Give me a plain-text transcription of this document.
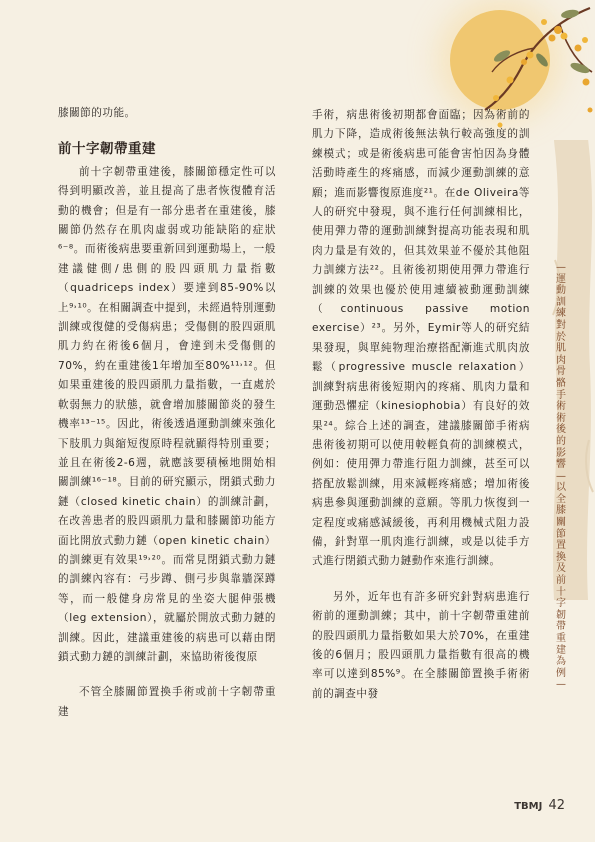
—運動訓練對於肌肉骨骼手術術後的影響 —以全膝關節置換及前十字韌帶重建為例—

膝關節的功能。

前十字韌帶重建

前十字韌帶重建後，膝關節穩定性可以得到明顯改善，並且提高了患者恢復體育活動的機會；但是有一部分患者在重建後，膝關節仍然存在肌肉虛弱或功能缺陷的症狀⁶⁻⁸。而術後病患要重新回到運動場上，一般建議健側/患側的股四頭肌力量指數（quadriceps index）要達到85-90%以上⁹˒¹⁰。在相關調查中提到，未經過特別運動訓練或復健的受傷病患；受傷側的股四頭肌肌力約在術後6個月，會達到未受傷側的70%，約在重建後1年增加至80%¹¹˒¹²。但如果重建後的股四頭肌力量指數，一直處於軟弱無力的狀態，就會增加膝關節炎的發生機率¹³⁻¹⁵。因此，術後透過運動訓練來強化下肢肌力與縮短復原時程就顯得特別重要；並且在術後2-6週，就應該要積極地開始相關訓練¹⁶⁻¹⁸。目前的研究顯示，閉鎖式動力鏈（closed kinetic chain）的訓練計劃，在改善患者的股四頭肌力量和膝關節功能方面比開放式動力鏈（open kinetic chain）的訓練更有效果¹⁹˒²⁰。而常見閉鎖式動力鏈的訓練內容有：弓步蹲、側弓步與靠牆深蹲等，而一般健身房常見的坐姿大腿伸張機（leg extension），就屬於開放式動力鏈的訓練。因此，建議重建後的病患可以藉由閉鎖式動力鏈的訓練計劃，來協助術後復原

不管全膝關節置換手術或前十字韌帶重建

手術，病患術後初期都會面臨；因為術前的肌力下降，造成術後無法執行較高強度的訓練模式；或是術後病患可能會害怕因為身體活動時產生的疼痛感，而減少運動訓練的意願；進而影響復原進度²¹。在de Oliveira等人的研究中發現，與不進行任何訓練相比，使用彈力帶的運動訓練對提高功能表現和肌肉力量是有效的，但其效果並不優於其他阻力訓練方法²²。且術後初期使用彈力帶進行訓練的效果也優於使用連續被動運動訓練（continuous passive motion exercise）²³。另外，Eymir等人的研究結果發現，與單純物理治療搭配漸進式肌肉放鬆（progressive muscle relaxation）訓練對病患術後短期內的疼痛、肌肉力量和運動恐懼症（kinesiophobia）有良好的效果²⁴。綜合上述的調查，建議膝關節手術病患術後初期可以使用較輕負荷的訓練模式，例如：使用彈力帶進行阻力訓練，甚至可以搭配放鬆訓練，用來減輕疼痛感；增加術後病患參與運動訓練的意願。等肌力恢復到一定程度或痛感減緩後，再利用機械式阻力設備，針對單一肌肉進行訓練，或是以徒手方式進行閉鎖式動力鏈動作來進行訓練。

另外，近年也有許多研究針對病患進行術前的運動訓練；其中，前十字韌帶重建前的股四頭肌力量指數如果大於70%，在重建後的6個月；股四頭肌力量指數有很高的機率可以達到85%⁹。在全膝關節置換手術術前的調查中發

TBMJ 42
